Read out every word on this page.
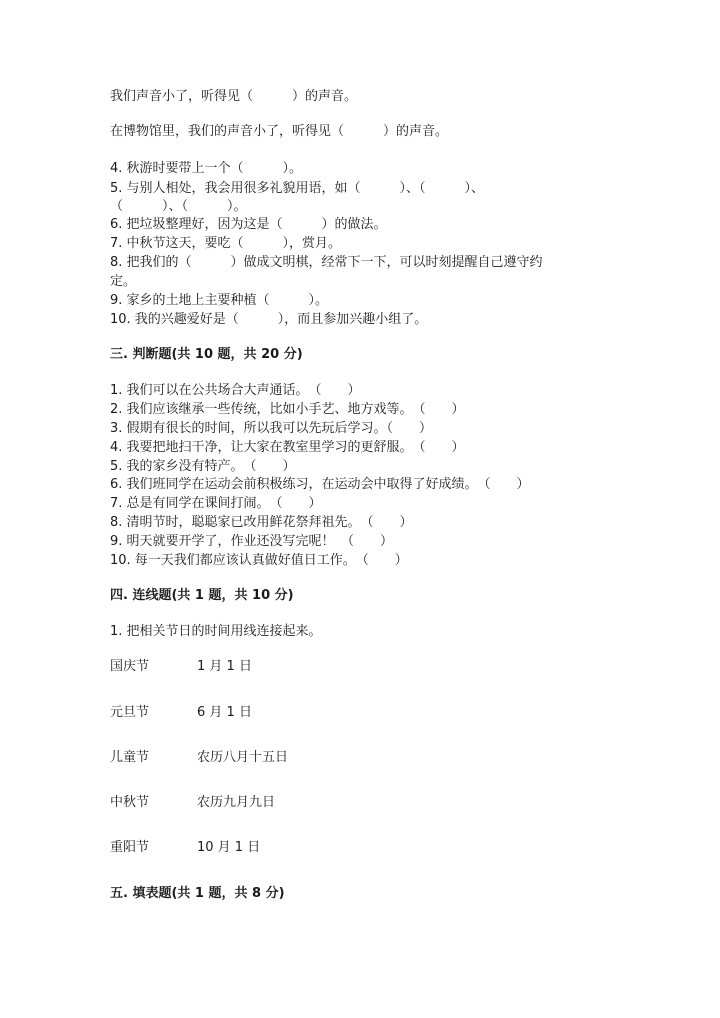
我们声音小了，听得见（　　　）的声音。
在博物馆里，我们的声音小了，听得见（　　　）的声音。
4. 秋游时要带上一个（　　　）。
5. 与别人相处，我会用很多礼貌用语，如（　　　）、（　　　）、
（　　　）、（　　　）。
6. 把垃圾整理好，因为这是（　　　）的做法。
7. 中秋节这天，要吃（　　　），赏月。
8. 把我们的（　　　）做成文明棋，经常下一下，可以时刻提醒自己遵守约
定。
9. 家乡的土地上主要种植（　　　）。
10. 我的兴趣爱好是（　　　），而且参加兴趣小组了。
三. 判断题(共 10 题，共 20 分)
1. 我们可以在公共场合大声通话。　（　　）
2. 我们应该继承一些传统，比如小手艺、地方戏等。　（　　）
3. 假期有很长的时间，所以我可以先玩后学习。（　　）
4. 我要把地扫干净，让大家在教室里学习的更舒服。　（　　）
5. 我的家乡没有特产。　（　　）
6. 我们班同学在运动会前积极练习，在运动会中取得了好成绩。　（　　）
7. 总是有同学在课间打闹。　（　　）
8. 清明节时，聪聪家已改用鲜花祭拜祖先。　（　　）
9. 明天就要开学了，作业还没写完呢！　（　　）
10. 每一天我们都应该认真做好值日工作。　（　　）
四. 连线题(共 1 题，共 10 分)
1. 把相关节日的时间用线连接起来。
国庆节	1 月 1 日
元旦节	6 月 1 日
儿童节	农历八月十五日
中秋节	农历九月九日
重阳节	10 月 1 日
五. 填表题(共 1 题，共 8 分)
